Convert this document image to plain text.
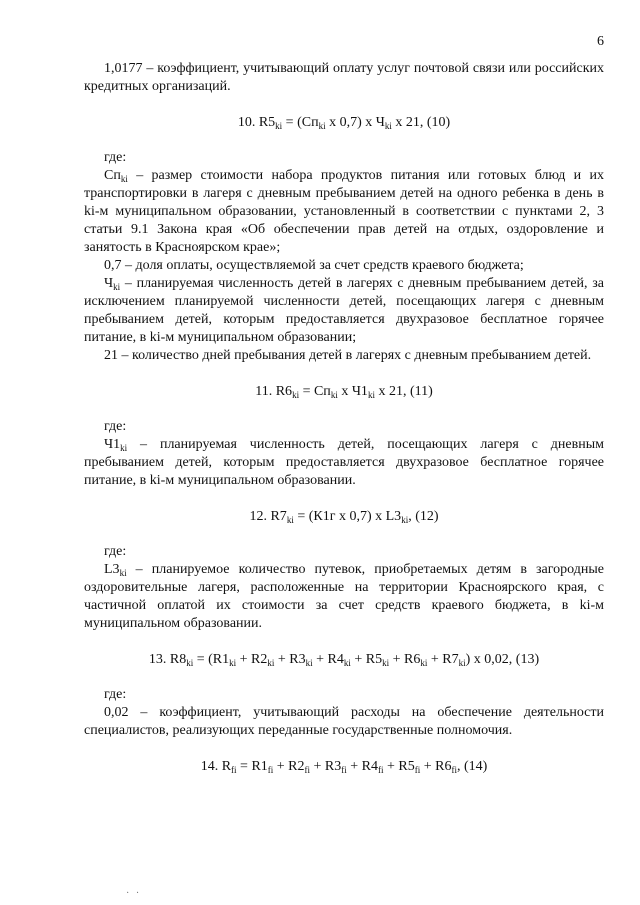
6

1,0177 – коэффициент, учитывающий оплату услуг почтовой связи или российских кредитных организаций.

10. $R5_{ki} = (Сп_{ki}$ x 0,7) x $Ч_{ki}$ x 21, (10)

где:

$Сп_{ki}$ – размер стоимости набора продуктов питания или готовых блюд и их транспортировки в лагеря с дневным пребыванием детей на одного ребенка в день в ki-м муниципальном образовании, установленный в соответствии с пунктами 2, 3 статьи 9.1 Закона края «Об обеспечении прав детей на отдых, оздоровление и занятость в Красноярском крае»;

0,7 – доля оплаты, осуществляемой за счет средств краевого бюджета;

$Ч_{ki}$ – планируемая численность детей в лагерях с дневным пребыванием детей, за исключением планируемой численности детей, посещающих лагеря с дневным пребыванием детей, которым предоставляется двухразовое бесплатное горячее питание, в ki-м муниципальном образовании;

21 – количество дней пребывания детей в лагерях с дневным пребыванием детей.

11. $R6_{ki} = Сп_{ki}$ x $Ч1_{ki}$ x 21, (11)

где:

$Ч1_{ki}$ – планируемая численность детей, посещающих лагеря с дневным пребыванием детей, которым предоставляется двухразовое бесплатное горячее питание, в ki-м муниципальном образовании.

12. $R7_{ki} = (К1г$ x 0,7) x $L3_{ki}$, (12)

где:

$L3_{ki}$ – планируемое количество путевок, приобретаемых детям в загородные оздоровительные лагеря, расположенные на территории Красноярского края, с частичной оплатой их стоимости за счет средств краевого бюджета, в ki-м муниципальном образовании.

13. $R8_{ki} = (R1_{ki} + R2_{ki} + R3_{ki} + R4_{ki} + R5_{ki} + R6_{ki} + R7_{ki})$ x 0,02, (13)

где:

0,02 – коэффициент, учитывающий расходы на обеспечение деятельности специалистов, реализующих переданные государственные полномочия.

14. $R_{fi} = R1_{fi} + R2_{fi} + R3_{fi} + R4_{fi} + R5_{fi} + R6_{fi}$, (14)
· ·
